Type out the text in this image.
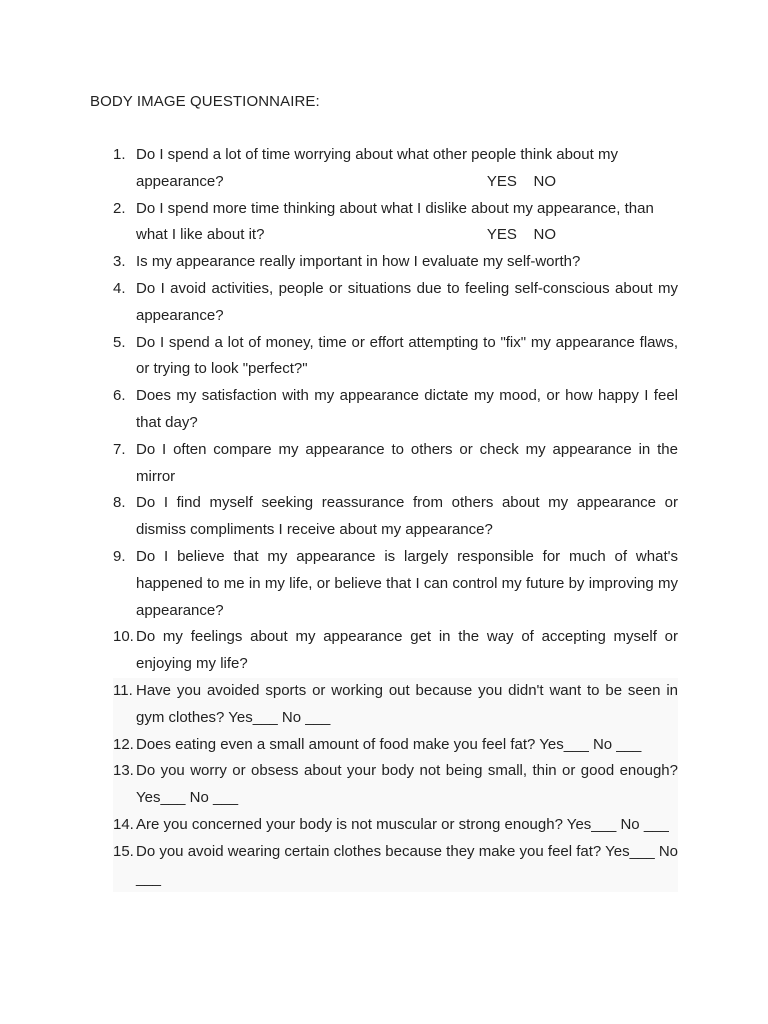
BODY IMAGE QUESTIONNAIRE:
1. Do I spend a lot of time worrying about what other people think about my
appearance?	YES    NO
2. Do I spend more time thinking about what I dislike about my appearance, than
what I like about it?	YES    NO
3. Is my appearance really important in how I evaluate my self-worth?
4. Do I avoid activities, people or situations due to feeling self-conscious about my appearance?
5. Do I spend a lot of money, time or effort attempting to "fix" my appearance flaws, or trying to look "perfect?"
6. Does my satisfaction with my appearance dictate my mood, or how happy I feel that day?
7. Do I often compare my appearance to others or check my appearance in the mirror
8. Do I find myself seeking reassurance from others about my appearance or dismiss compliments I receive about my appearance?
9. Do I believe that my appearance is largely responsible for much of what's happened to me in my life, or believe that I can control my future by improving my appearance?
10. Do my feelings about my appearance get in the way of accepting myself or enjoying my life?
11. Have you avoided sports or working out because you didn't want to be seen in gym clothes? Yes___ No ___
12. Does eating even a small amount of food make you feel fat? Yes___ No ___
13. Do you worry or obsess about your body not being small, thin or good enough? Yes___ No ___
14. Are you concerned your body is not muscular or strong enough? Yes___ No ___
15. Do you avoid wearing certain clothes because they make you feel fat? Yes___ No ___
